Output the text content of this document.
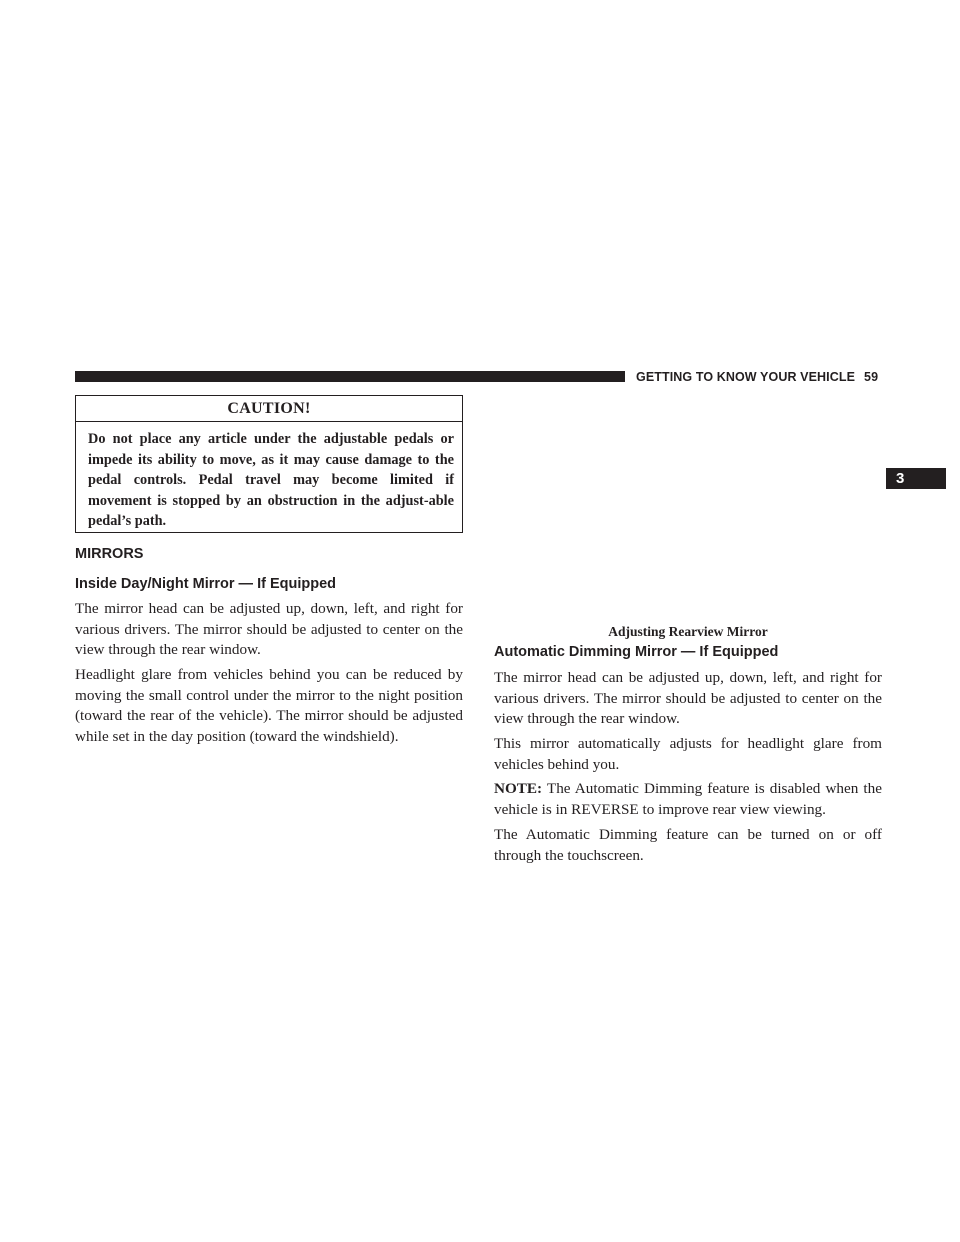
GETTING TO KNOW YOUR VEHICLE 59
3
CAUTION!
Do not place any article under the adjustable pedals or impede its ability to move, as it may cause damage to the pedal controls. Pedal travel may become limited if movement is stopped by an obstruction in the adjust-able pedal’s path.
MIRRORS
Inside Day/Night Mirror — If Equipped

The mirror head can be adjusted up, down, left, and right for various drivers. The mirror should be adjusted to center on the view through the rear window.

Headlight glare from vehicles behind you can be reduced by moving the small control under the mirror to the night position (toward the rear of the vehicle). The mirror should be adjusted while set in the day position (toward the windshield).

Adjusting Rearview Mirror
Automatic Dimming Mirror — If Equipped

The mirror head can be adjusted up, down, left, and right for various drivers. The mirror should be adjusted to center on the view through the rear window.

This mirror automatically adjusts for headlight glare from vehicles behind you.

NOTE: The Automatic Dimming feature is disabled when the vehicle is in REVERSE to improve rear view viewing.

The Automatic Dimming feature can be turned on or off through the touchscreen.
